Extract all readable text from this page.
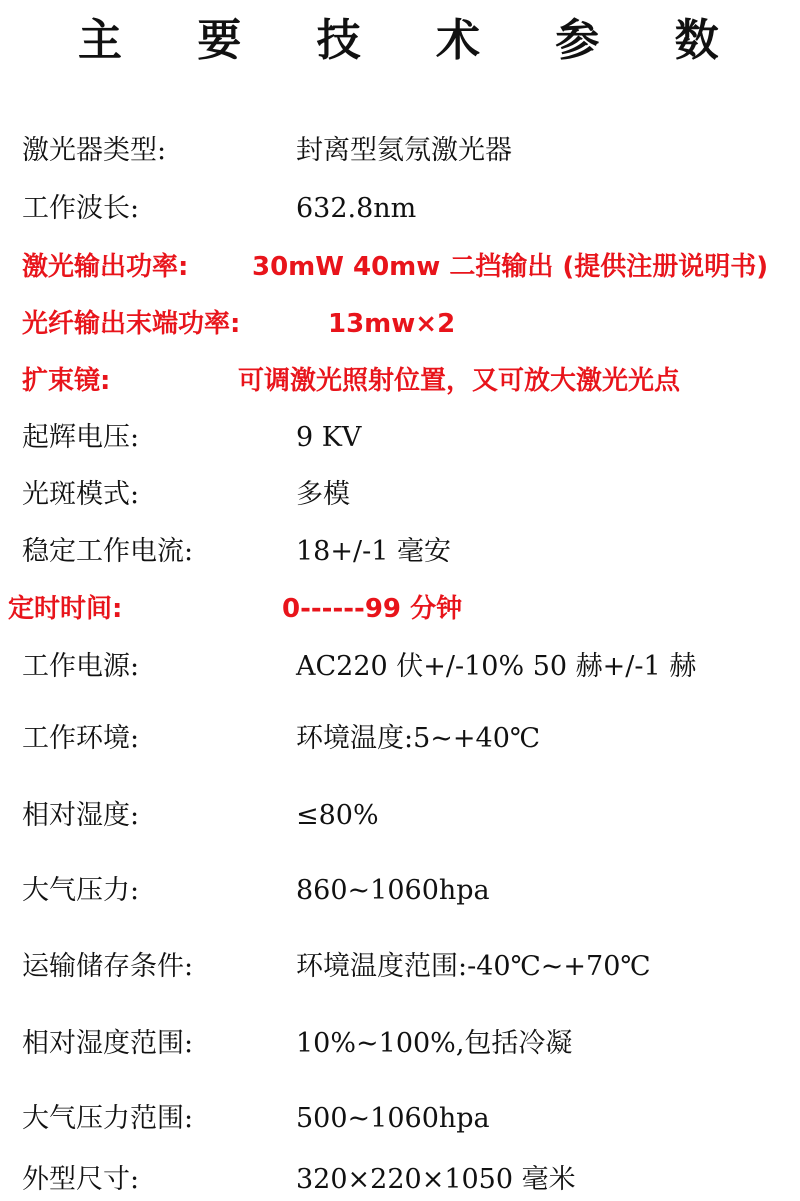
主 要 技 术 参 数
激光器类型:	封离型氦氖激光器
工作波长:	632.8nm
激光输出功率: 30mW 40mw 二挡输出 (提供注册说明书)
光纤输出末端功率:	13mw×2
扩束镜:	可调激光照射位置，又可放大激光光点
起辉电压:	9 KV
光斑模式:	多模
稳定工作电流:	18+/-1 毫安
定时时间:	0------99 分钟
工作电源:	AC220 伏+/-10% 50 赫+/-1 赫
工作环境:	环境温度:5~+40℃
相对湿度:	≤80%
大气压力:	860~1060hpa
运输储存条件:	环境温度范围:-40℃~+70℃
相对湿度范围:	10%~100%,包括冷凝
大气压力范围:	500~1060hpa
外型尺寸:	320×220×1050 毫米
